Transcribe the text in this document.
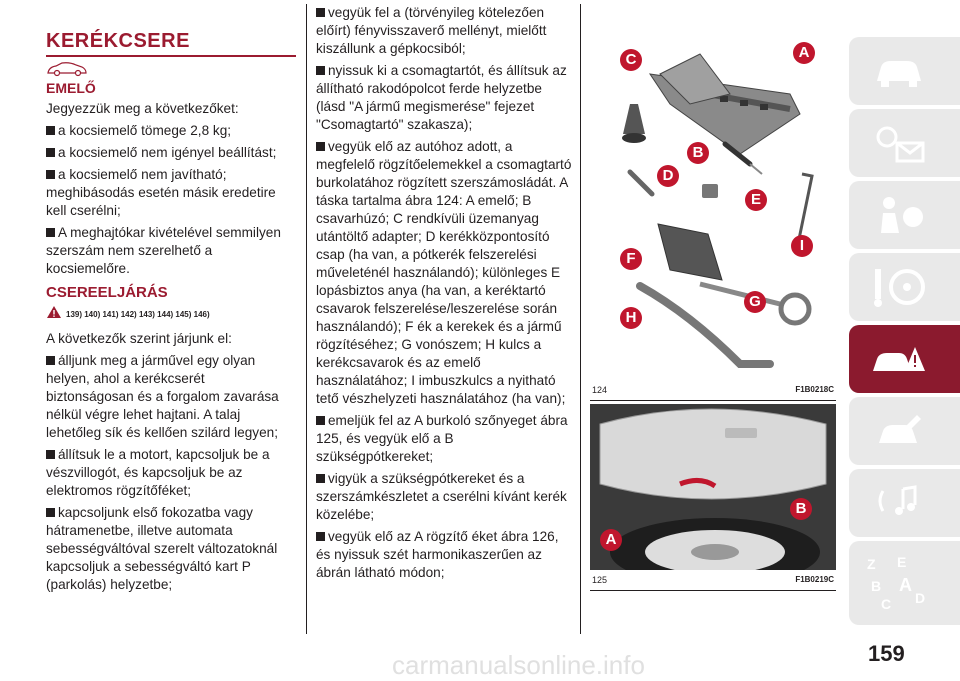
KERÉKCSERE
EMELŐ

Jegyezzük meg a következőket:

a kocsiemelő tömege 2,8 kg;

a kocsiemelő nem igényel beállítást;

a kocsiemelő nem javítható; meghibásodás esetén másik eredetire kell cserélni;

A meghajtókar kivételével semmilyen szerszám nem szerelhető a kocsiemelőre.

CSEREELJÁRÁS
139) 140) 141) 142) 143) 144) 145) 146)

A következők szerint járjunk el:

álljunk meg a járművel egy olyan helyen, ahol a kerékcserét biztonságosan és a forgalom zavarása nélkül végre lehet hajtani. A talaj lehetőleg sík és kellően szilárd legyen;

állítsuk le a motort, kapcsoljuk be a vészvillogót, és kapcsoljuk be az elektromos rögzítőféket;

kapcsoljunk első fokozatba vagy hátramenetbe, illetve automata sebességváltóval szerelt változatoknál kapcsoljuk a sebességváltó kart P (parkolás) helyzetbe;

vegyük fel a (törvényileg kötelezően előírt) fényvisszaverő mellényt, mielőtt kiszállunk a gépkocsiból;

nyissuk ki a csomagtartót, és állítsuk az állítható rakodópolcot ferde helyzetbe (lásd "A jármű megismerése" fejezet "Csomagtartó" szakasza);

vegyük elő az autóhoz adott, a megfelelő rögzítőelemekkel a csomagtartó burkolatához rögzített szerszámosládát. A táska tartalma ábra 124: A emelő; B csavarhúzó; C rendkívüli üzemanyag utántöltő adapter; D kerékközpontosító csap (ha van, a pótkerék felszerelési műveleténél használandó); különleges E lopásbiztos anya (ha van, a keréktartó csavarok felszerelése/leszerelése során használandó); F ék a kerekek és a jármű rögzítéséhez; G vonószem; H kulcs a kerékcsavarok és az emelő használatához; I imbuszkulcs a nyitható tető vészhelyzeti használatához (ha van);

emeljük fel az A burkoló szőnyeget ábra 125, és vegyük elő a B szükségpótkereket;

vigyük a szükségpótkereket és a szerszámkészletet a cserélni kívánt kerék közelébe;

vegyük elő az A rögzítő éket ábra 126, és nyissuk szét harmonikaszerűen az ábrán látható módon;

C	A
B
D
E
I
F
G
H
124	F1B0218C
B
A
125	F1B0219C
Z E
B A
C D
159
carmanualsonline.info
